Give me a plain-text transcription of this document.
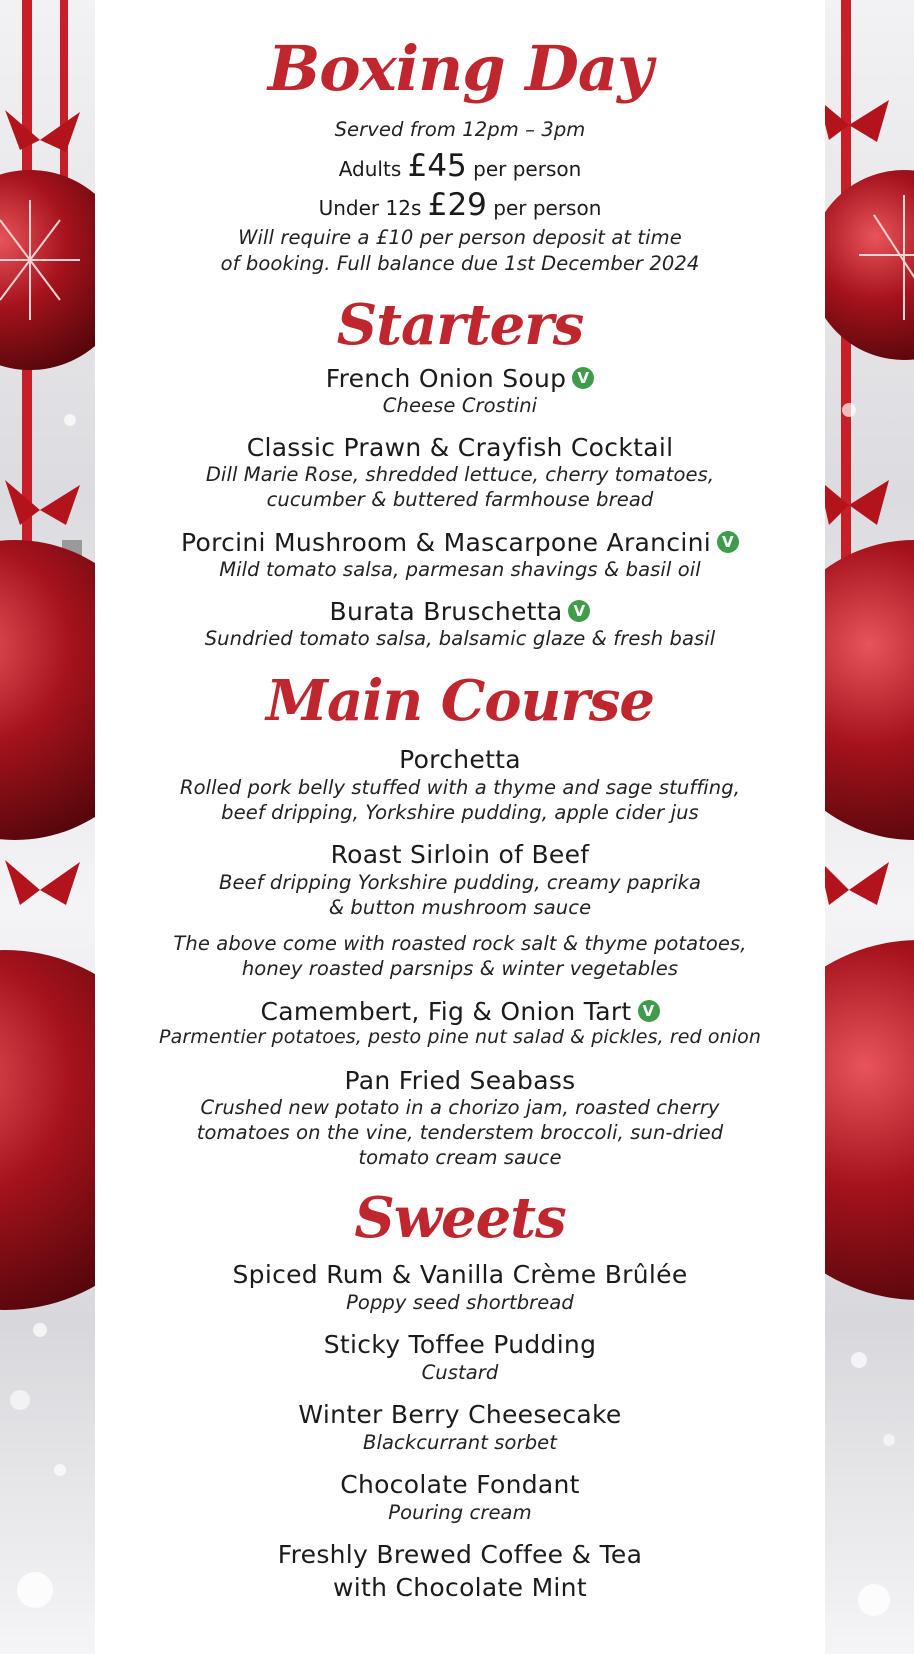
Boxing Day
Served from 12pm – 3pm
Adults £45 per person
Under 12s £29 per person
Will require a £10 per person deposit at time
of booking. Full balance due 1st December 2024
Starters
French Onion Soup V
Cheese Crostini
Classic Prawn & Crayfish Cocktail
Dill Marie Rose, shredded lettuce, cherry tomatoes,
cucumber & buttered farmhouse bread
Porcini Mushroom & Mascarpone Arancini V
Mild tomato salsa, parmesan shavings & basil oil
Burata Bruschetta V
Sundried tomato salsa, balsamic glaze & fresh basil
Main Course
Porchetta
Rolled pork belly stuffed with a thyme and sage stuffing,
beef dripping, Yorkshire pudding, apple cider jus
Roast Sirloin of Beef
Beef dripping Yorkshire pudding, creamy paprika
& button mushroom sauce
The above come with roasted rock salt & thyme potatoes,
honey roasted parsnips & winter vegetables
Camembert, Fig & Onion Tart V
Parmentier potatoes, pesto pine nut salad & pickles, red onion
Pan Fried Seabass
Crushed new potato in a chorizo jam, roasted cherry
tomatoes on the vine, tenderstem broccoli, sun-dried
tomato cream sauce
Sweets
Spiced Rum & Vanilla Crème Brûlée
Poppy seed shortbread
Sticky Toffee Pudding
Custard
Winter Berry Cheesecake
Blackcurrant sorbet
Chocolate Fondant
Pouring cream
Freshly Brewed Coffee & Tea
with Chocolate Mint
